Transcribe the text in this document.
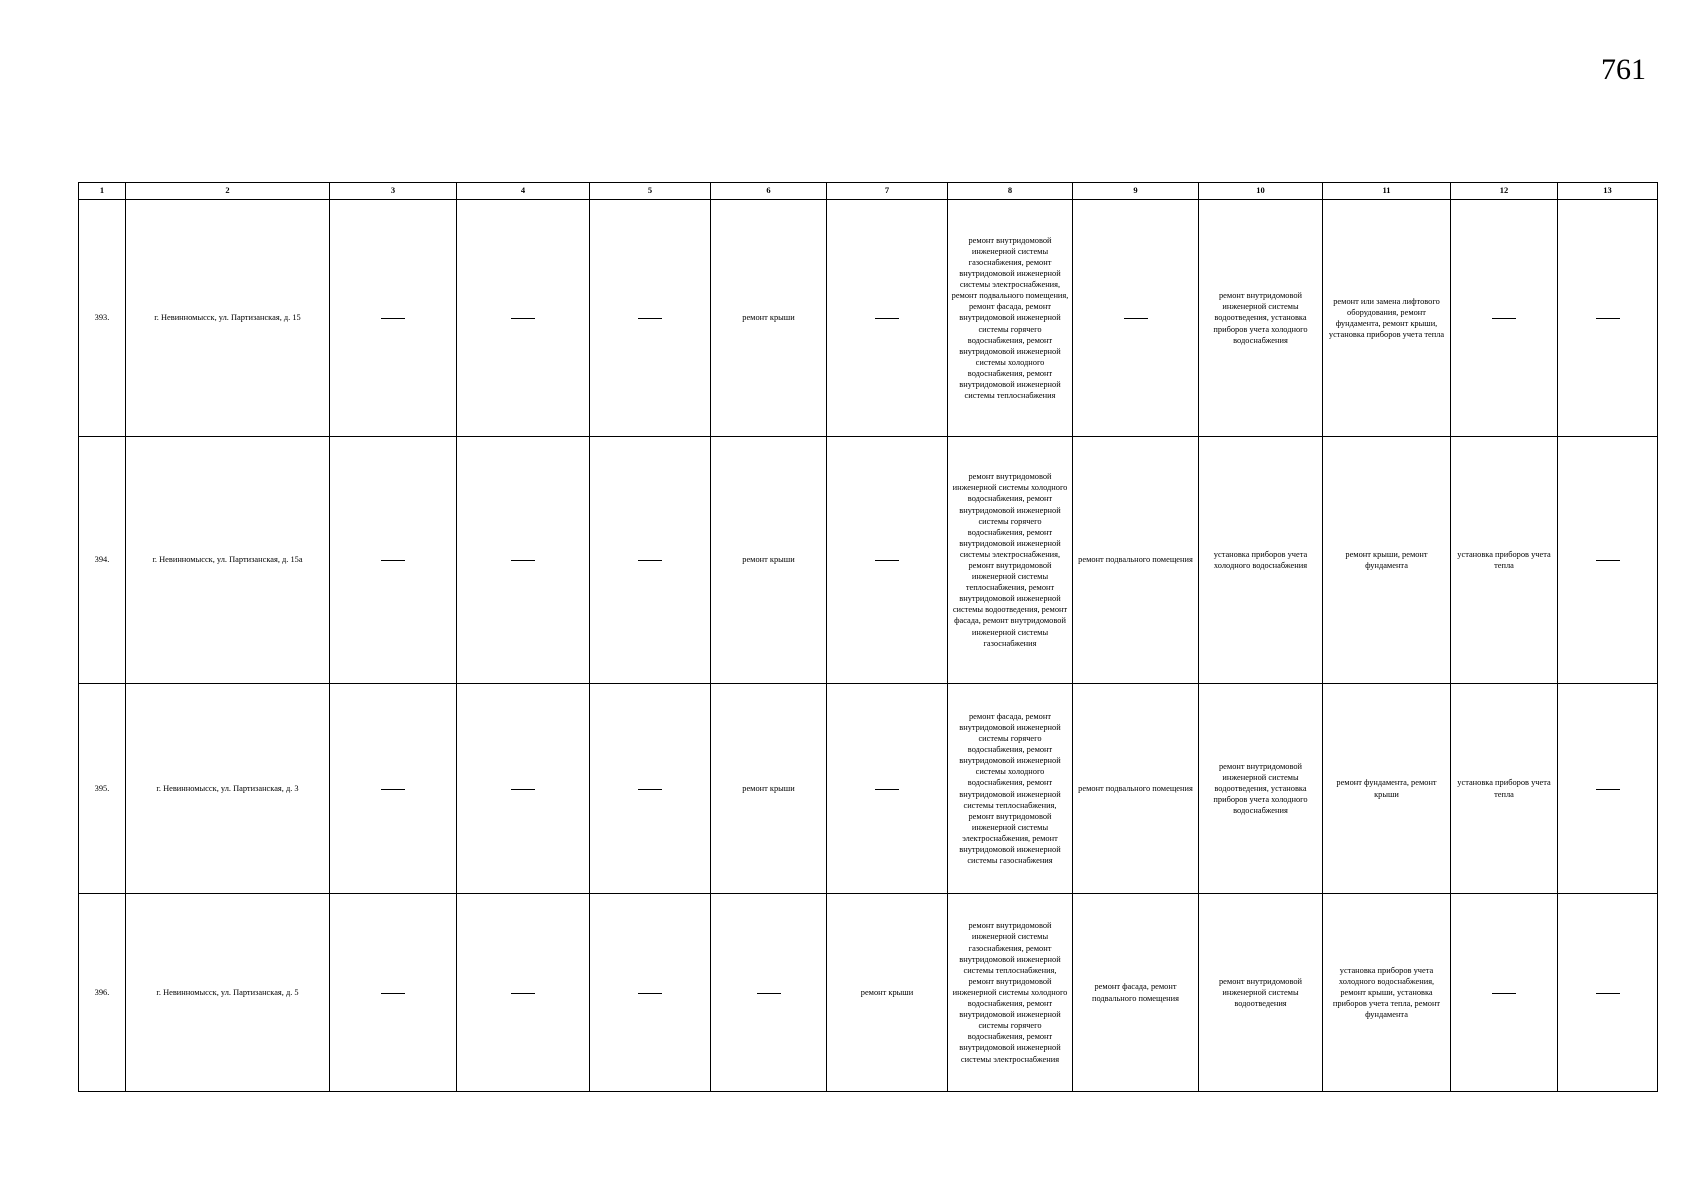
761
1	2	3	4	5	6	7	8	9	10	11	12	13
393.	г. Невинномысск, ул. Партизанская, д. 15				ремонт крыши		ремонт внутридомовой инженерной системы газоснабжения, ремонт внутридомовой инженерной системы электроснабжения, ремонт подвального помещения, ремонт фасада, ремонт внутридомовой инженерной системы горячего водоснабжения, ремонт внутридомовой инженерной системы холодного водоснабжения, ремонт внутридомовой инженерной системы теплоснабжения		ремонт внутридомовой инженерной системы водоотведения, установка приборов учета холодного водоснабжения	ремонт или замена лифтового оборудования, ремонт фундамента, ремонт крыши, установка приборов учета тепла		
394.	г. Невинномысск, ул. Партизанская, д. 15а				ремонт крыши		ремонт внутридомовой инженерной системы холодного водоснабжения, ремонт внутридомовой инженерной системы горячего водоснабжения, ремонт внутридомовой инженерной системы электроснабжения, ремонт внутридомовой инженерной системы теплоснабжения, ремонт внутридомовой инженерной системы водоотведения, ремонт фасада, ремонт внутридомовой инженерной системы газоснабжения	ремонт подвального помещения	установка приборов учета холодного водоснабжения	ремонт крыши, ремонт фундамента	установка приборов учета тепла	
395.	г. Невинномысск, ул. Партизанская, д. 3				ремонт крыши		ремонт фасада, ремонт внутридомовой инженерной системы горячего водоснабжения, ремонт внутридомовой инженерной системы холодного водоснабжения, ремонт внутридомовой инженерной системы теплоснабжения, ремонт внутридомовой инженерной системы электроснабжения, ремонт внутридомовой инженерной системы газоснабжения	ремонт подвального помещения	ремонт внутридомовой инженерной системы водоотведения, установка приборов учета холодного водоснабжения	ремонт фундамента, ремонт крыши	установка приборов учета тепла	
396.	г. Невинномысск, ул. Партизанская, д. 5					ремонт крыши	ремонт внутридомовой инженерной системы газоснабжения, ремонт внутридомовой инженерной системы теплоснабжения, ремонт внутридомовой инженерной системы холодного водоснабжения, ремонт внутридомовой инженерной системы горячего водоснабжения, ремонт внутридомовой инженерной системы электроснабжения	ремонт фасада, ремонт подвального помещения	ремонт внутридомовой инженерной системы водоотведения	установка приборов учета холодного водоснабжения, ремонт крыши, установка приборов учета тепла, ремонт фундамента		
